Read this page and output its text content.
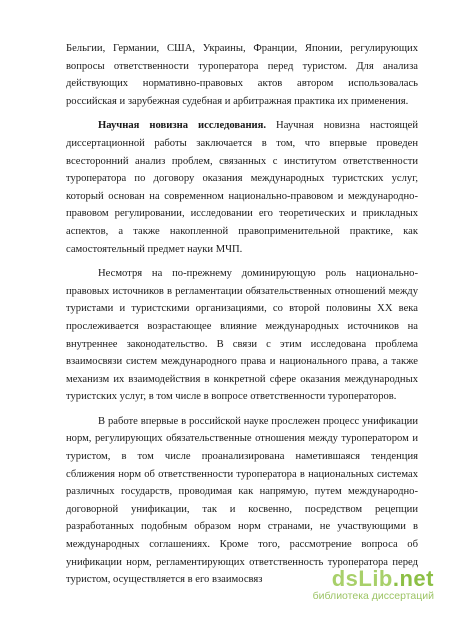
Бельгии, Германии, США, Украины, Франции, Японии, регулирующих вопросы ответственности туроператора перед туристом. Для анализа действующих нормативно-правовых актов автором использовалась российская и зарубежная судебная и арбитражная практика их применения.

Научная новизна исследования. Научная новизна настоящей диссертационной работы заключается в том, что впервые проведен всесторонний анализ проблем, связанных с институтом ответственности туроператора по договору оказания международных туристских услуг, который основан на современном национально-правовом и международно-правовом регулировании, исследовании его теоретических и прикладных аспектов, а также накопленной правоприменительной практике, как самостоятельный предмет науки МЧП.

Несмотря на по-прежнему доминирующую роль национально-правовых источников в регламентации обязательственных отношений между туристами и туристскими организациями, со второй половины XX века прослеживается возрастающее влияние международных источников на внутреннее законодательство. В связи с этим исследована проблема взаимосвязи систем международного права и национального права, а также механизм их взаимодействия в конкретной сфере оказания международных туристских услуг, в том числе в вопросе ответственности туроператоров.

В работе впервые в российской науке прослежен процесс унификации норм, регулирующих обязательственные отношения между туроператором и туристом, в том числе проанализирована наметившаяся тенденция сближения норм об ответственности туроператора в национальных системах различных государств, проводимая как напрямую, путем международно-договорной унификации, так и косвенно, посредством рецепции разработанных подобным образом норм странами, не участвующими в международных соглашениях. Кроме того, рассмотрение вопроса об унификации норм, регламентирующих ответственность туроператора перед туристом, осуществляется в его взаимосвяз	dsLib.net
библиотека диссертаций
